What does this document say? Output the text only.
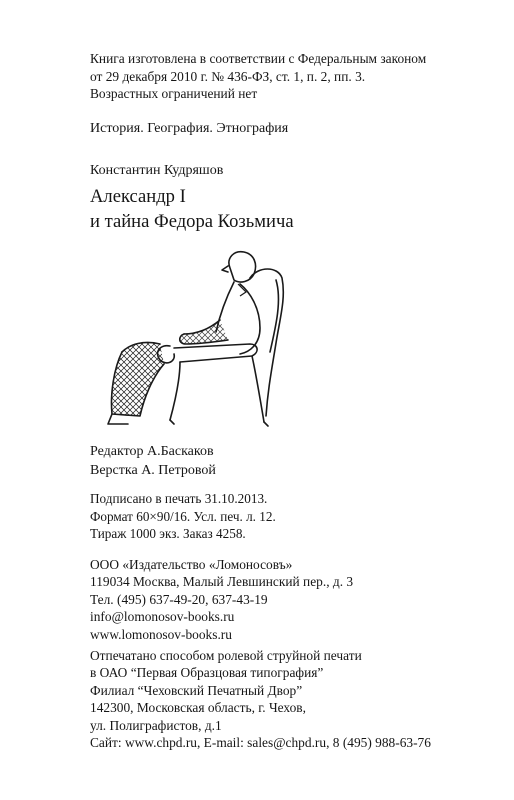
Книга изготовлена в соответствии с Федеральным законом
от 29 декабря 2010 г. № 436-ФЗ, ст. 1, п. 2, пп. 3.
Возрастных ограничений нет
История. География. Этнография
Константин Кудряшов
Александр I
и тайна Федора Козьмича
Редактор А.Баскаков
Верстка А. Петровой
Подписано в печать 31.10.2013.
Формат 60×90/16. Усл. печ. л. 12.
Тираж 1000 экз. Заказ 4258.
ООО «Издательство «Ломоносовъ»
119034 Москва, Малый Левшинский пер., д. 3
Тел. (495) 637-49-20, 637-43-19
info@lomonosov-books.ru
www.lomonosov-books.ru
Отпечатано способом ролевой струйной печати
в ОАО “Первая Образцовая типография”
Филиал “Чеховский Печатный Двор”
142300, Московская область, г. Чехов,
ул. Полиграфистов, д.1
Сайт: www.chpd.ru, E-mail: sales@chpd.ru, 8 (495) 988-63-76
